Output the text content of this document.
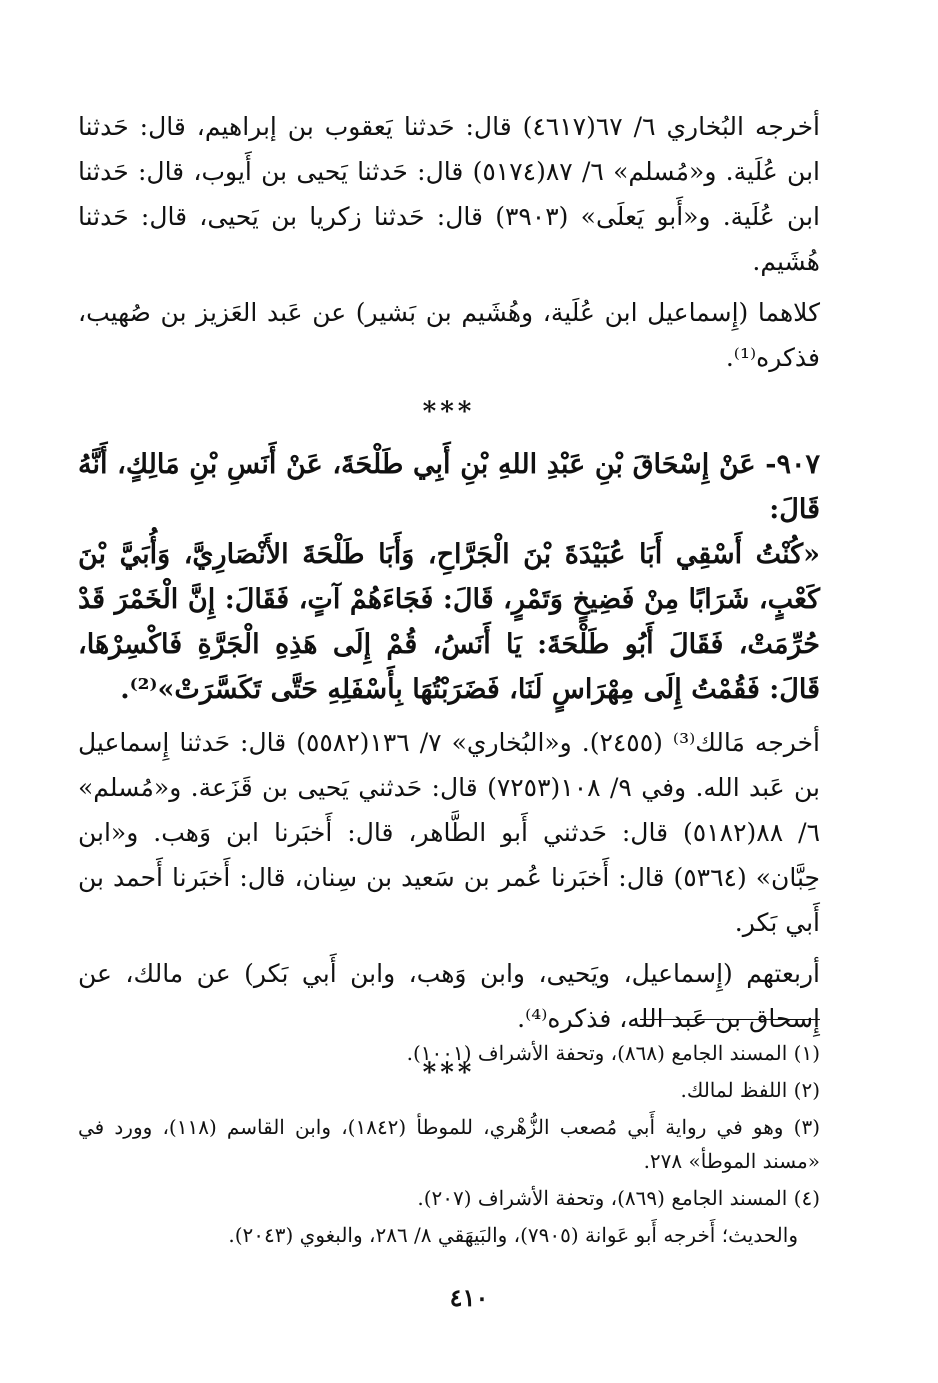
أخرجه البُخاري ٦/ ٦٧(٤٦١٧) قال: حَدثنا يَعقوب بن إبراهيم، قال: حَدثنا ابن عُلَية. و«مُسلم» ٦/ ٨٧(٥١٧٤) قال: حَدثنا يَحيى بن أَيوب، قال: حَدثنا ابن عُلَية. و«أَبو يَعلَى» (٣٩٠٣) قال: حَدثنا زكريا بن يَحيى، قال: حَدثنا هُشَيم.

كلاهما (إِسماعيل ابن عُلَية، وهُشَيم بن بَشير) عن عَبد العَزيز بن صُهيب، فذكره⁽¹⁾.

***

٩٠٧- عَنْ إِسْحَاقَ بْنِ عَبْدِ اللهِ بْنِ أَبِي طَلْحَةَ، عَنْ أَنَسِ بْنِ مَالِكٍ، أَنَّهُ قَالَ:

«كُنْتُ أَسْقِي أَبَا عُبَيْدَةَ بْنَ الْجَرَّاحِ، وَأَبَا طَلْحَةَ الأَنْصَارِيَّ، وَأُبَيَّ بْنَ كَعْبٍ، شَرَابًا مِنْ فَضِيخٍ وَتَمْرٍ، قَالَ: فَجَاءَهُمْ آتٍ، فَقَالَ: إِنَّ الْخَمْرَ قَدْ حُرِّمَتْ، فَقَالَ أَبُو طَلْحَةَ: يَا أَنَسُ، قُمْ إِلَى هَذِهِ الْجَرَّةِ فَاكْسِرْهَا، قَالَ: فَقُمْتُ إِلَى مِهْرَاسٍ لَنَا، فَضَرَبْتُهَا بِأَسْفَلِهِ حَتَّى تَكَسَّرَتْ»⁽²⁾.

أخرجه مَالك⁽³⁾ (٢٤٥٥). و«البُخاري» ٧/ ١٣٦(٥٥٨٢) قال: حَدثنا إِسماعيل بن عَبد الله. وفي ٩/ ١٠٨(٧٢٥٣) قال: حَدثني يَحيى بن قَزَعة. و«مُسلم» ٦/ ٨٨(٥١٨٢) قال: حَدثني أَبو الطَّاهر، قال: أَخبَرنا ابن وَهب. و«ابن حِبَّان» (٥٣٦٤) قال: أَخبَرنا عُمر بن سَعيد بن سِنان، قال: أَخبَرنا أَحمد بن أَبي بَكر.

أربعتهم (إِسماعيل، ويَحيى، وابن وَهب، وابن أَبي بَكر) عن مالك، عن إِسحاق بن عَبد الله، فذكره⁽⁴⁾.

***

(١) المسند الجامع (٨٦٨)، وتحفة الأشراف (١٠٠١).

(٢) اللفظ لمالك.

(٣) وهو في رواية أَبي مُصعب الزُّهْري، للموطأ (١٨٤٢)، وابن القاسم (١١٨)، وورد في «مسند الموطأ» ٢٧٨.

(٤) المسند الجامع (٨٦٩)، وتحفة الأشراف (٢٠٧).

والحديث؛ أَخرجه أَبو عَوانة (٧٩٠٥)، والبَيهَقي ٨/ ٢٨٦، والبغوي (٢٠٤٣).

٤١٠
